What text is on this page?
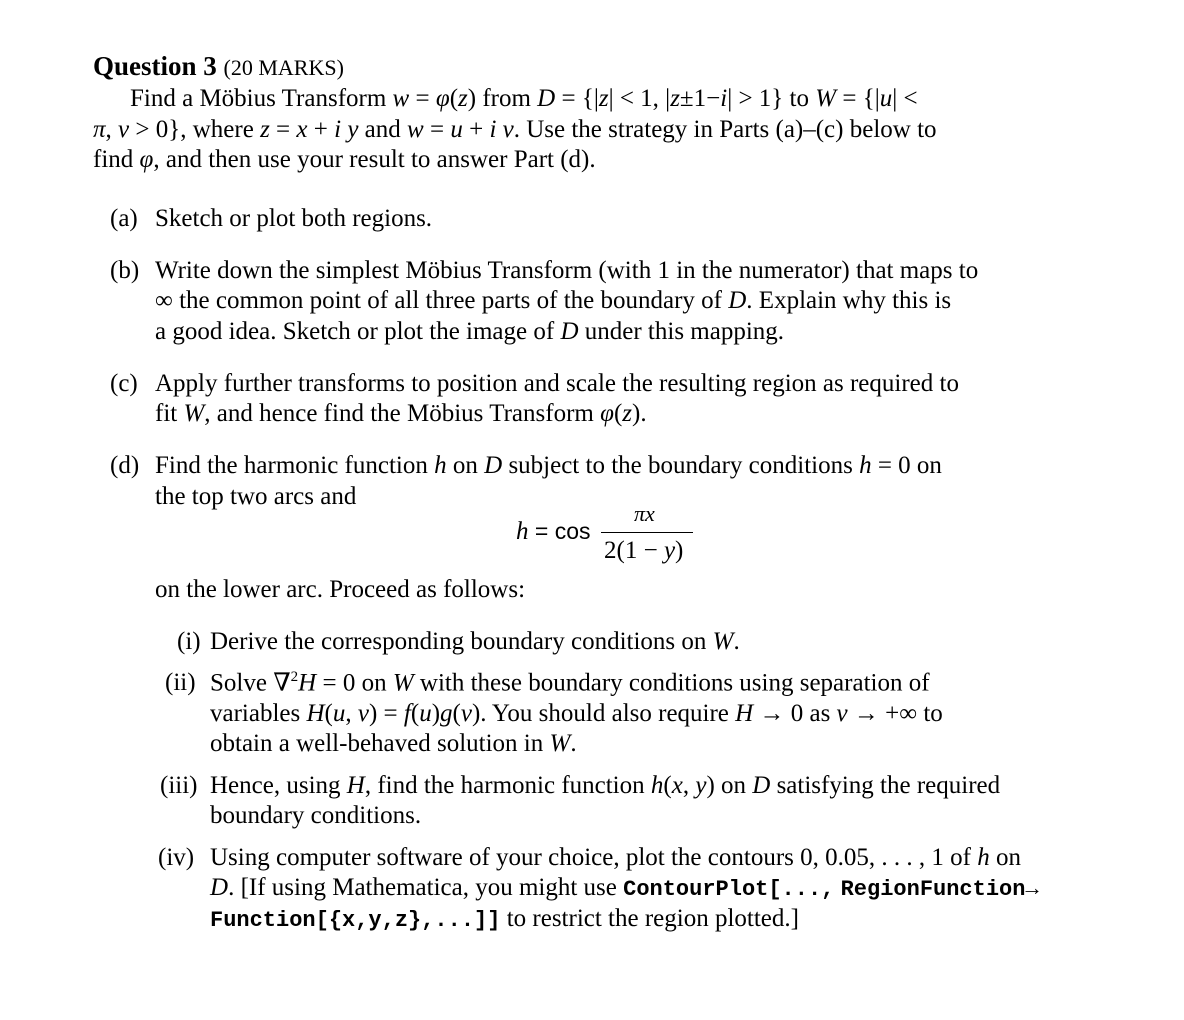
Question 3 (20 MARKS)
Find a Möbius Transform w = φ(z) from D = {|z| < 1, |z±1−i| > 1} to W = {|u| <
π, v > 0}, where z = x + i y and w = u + i v. Use the strategy in Parts (a)–(c) below to
find φ, and then use your result to answer Part (d).
(a) Sketch or plot both regions.
(b) Write down the simplest Möbius Transform (with 1 in the numerator) that maps to
∞ the common point of all three parts of the boundary of D. Explain why this is
a good idea. Sketch or plot the image of D under this mapping.
(c) Apply further transforms to position and scale the resulting region as required to
fit W, and hence find the Möbius Transform φ(z).
(d) Find the harmonic function h on D subject to the boundary conditions h = 0 on
the top two arcs and
h = cos
πx
2(1 − y)
on the lower arc. Proceed as follows:
(i) Derive the corresponding boundary conditions on W.
(ii) Solve ∇$^2$H = 0 on W with these boundary conditions using separation of
variables H(u, v) = f(u)g(v). You should also require H → 0 as v → +∞ to
obtain a well-behaved solution in W.
(iii) Hence, using H, find the harmonic function h(x, y) on D satisfying the required
boundary conditions.
(iv) Using computer software of your choice, plot the contours 0, 0.05, . . . , 1 of h on
D. [If using Mathematica, you might use ContourPlot[..., RegionFunction→
Function[{x,y,z},...]] to restrict the region plotted.]
